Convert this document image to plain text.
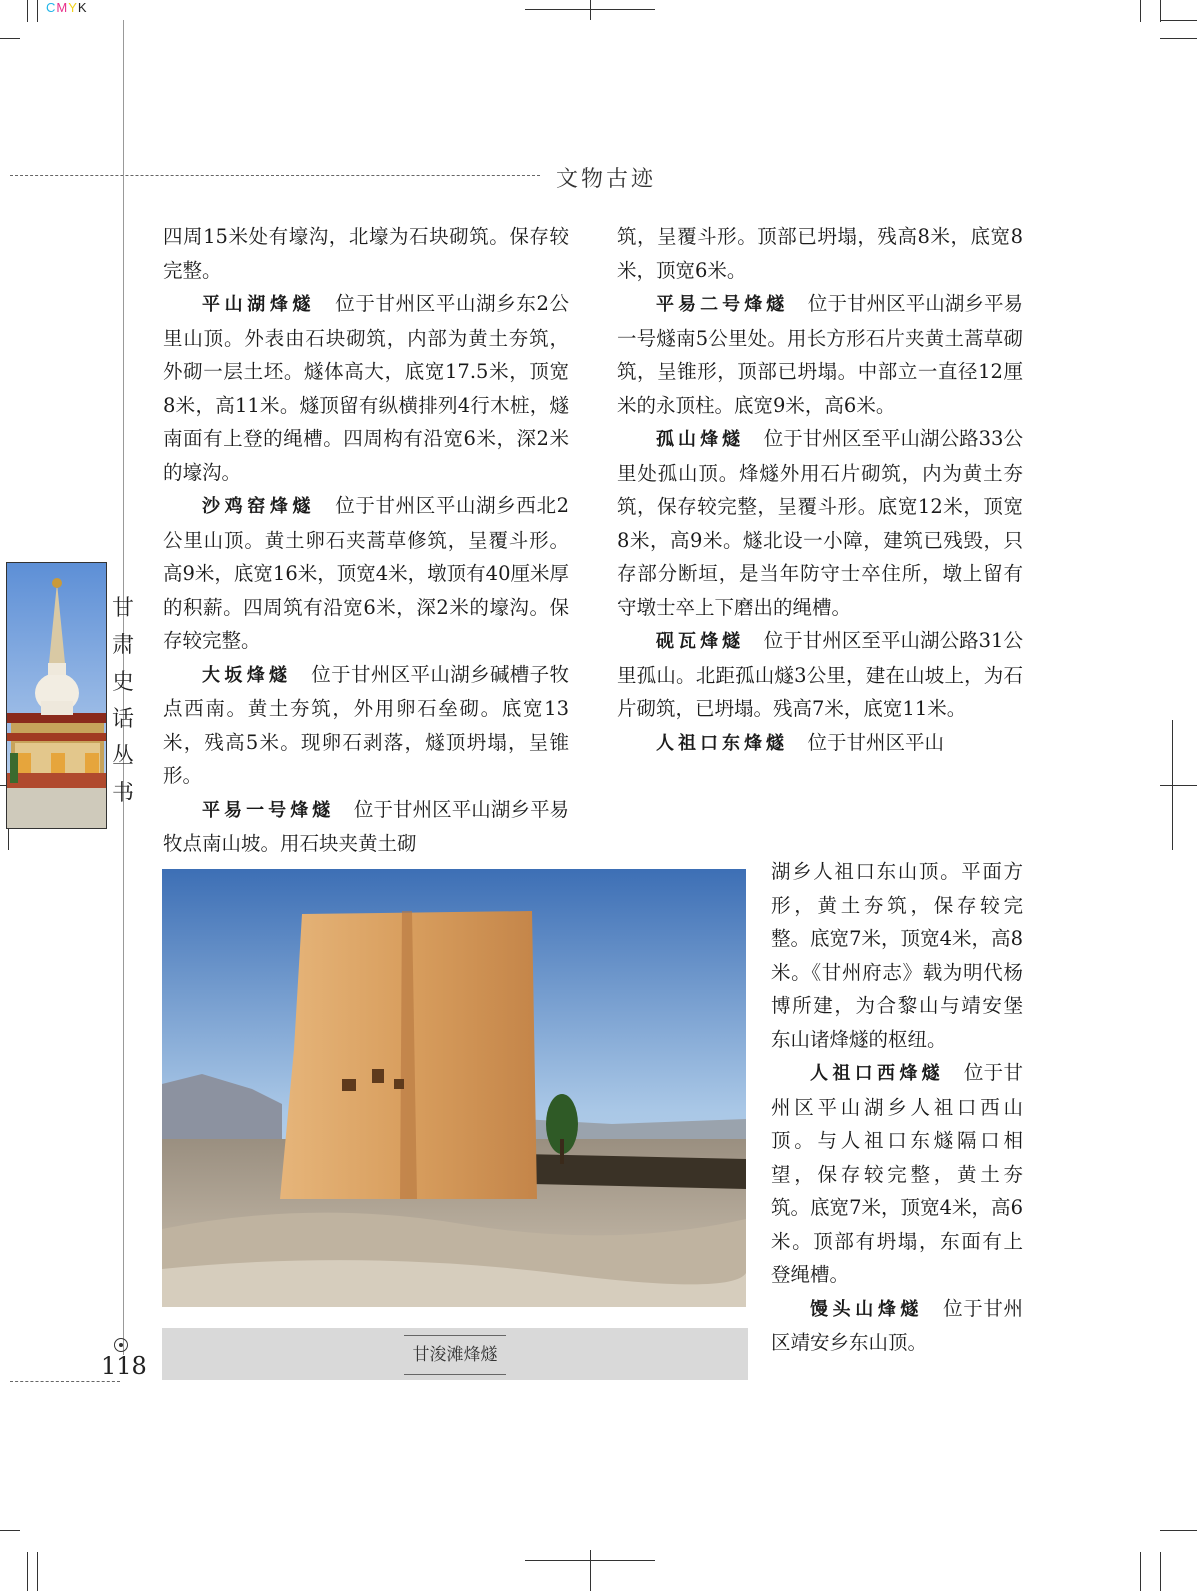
CMYK
文物古迹
甘
肃
史
话
丛
书

四周15米处有壕沟，北壕为石块砌筑。保存较完整。

平山湖烽燧　位于甘州区平山湖乡东2公里山顶。外表由石块砌筑，内部为黄土夯筑，外砌一层土坯。燧体高大，底宽17.5米，顶宽8米，高11米。燧顶留有纵横排列4行木桩，燧南面有上登的绳槽。四周构有沿宽6米，深2米的壕沟。

沙鸡窑烽燧　位于甘州区平山湖乡西北2公里山顶。黄土卵石夹蒿草修筑，呈覆斗形。高9米，底宽16米，顶宽4米，墩顶有40厘米厚的积薪。四周筑有沿宽6米，深2米的壕沟。保存较完整。

大坂烽燧　位于甘州区平山湖乡碱槽子牧点西南。黄土夯筑，外用卵石垒砌。底宽13米，残高5米。现卵石剥落，燧顶坍塌，呈锥形。

平易一号烽燧　位于甘州区平山湖乡平易牧点南山坡。用石块夹黄土砌

筑，呈覆斗形。顶部已坍塌，残高8米，底宽8米，顶宽6米。

平易二号烽燧　位于甘州区平山湖乡平易一号燧南5公里处。用长方形石片夹黄土蒿草砌筑，呈锥形，顶部已坍塌。中部立一直径12厘米的永顶柱。底宽9米，高6米。

孤山烽燧　位于甘州区至平山湖公路33公里处孤山顶。烽燧外用石片砌筑，内为黄土夯筑，保存较完整，呈覆斗形。底宽12米，顶宽8米，高9米。燧北设一小障，建筑已残毁，只存部分断垣，是当年防守士卒住所，墩上留有守墩士卒上下磨出的绳槽。

砚瓦烽燧　位于甘州区至平山湖公路31公里孤山。北距孤山燧3公里，建在山坡上，为石片砌筑，已坍塌。残高7米，底宽11米。

人祖口东烽燧　位于甘州区平山

湖乡人祖口东山顶。平面方形，黄土夯筑，保存较完整。底宽7米，顶宽4米，高8米。《甘州府志》载为明代杨博所建，为合黎山与靖安堡东山诸烽燧的枢纽。

人祖口西烽燧　位于甘州区平山湖乡人祖口西山顶。与人祖口东燧隔口相望，保存较完整，黄土夯筑。底宽7米，顶宽4米，高6米。顶部有坍塌，东面有上登绳槽。

馒头山烽燧　位于甘州区靖安乡东山顶。

甘浚滩烽燧
118
